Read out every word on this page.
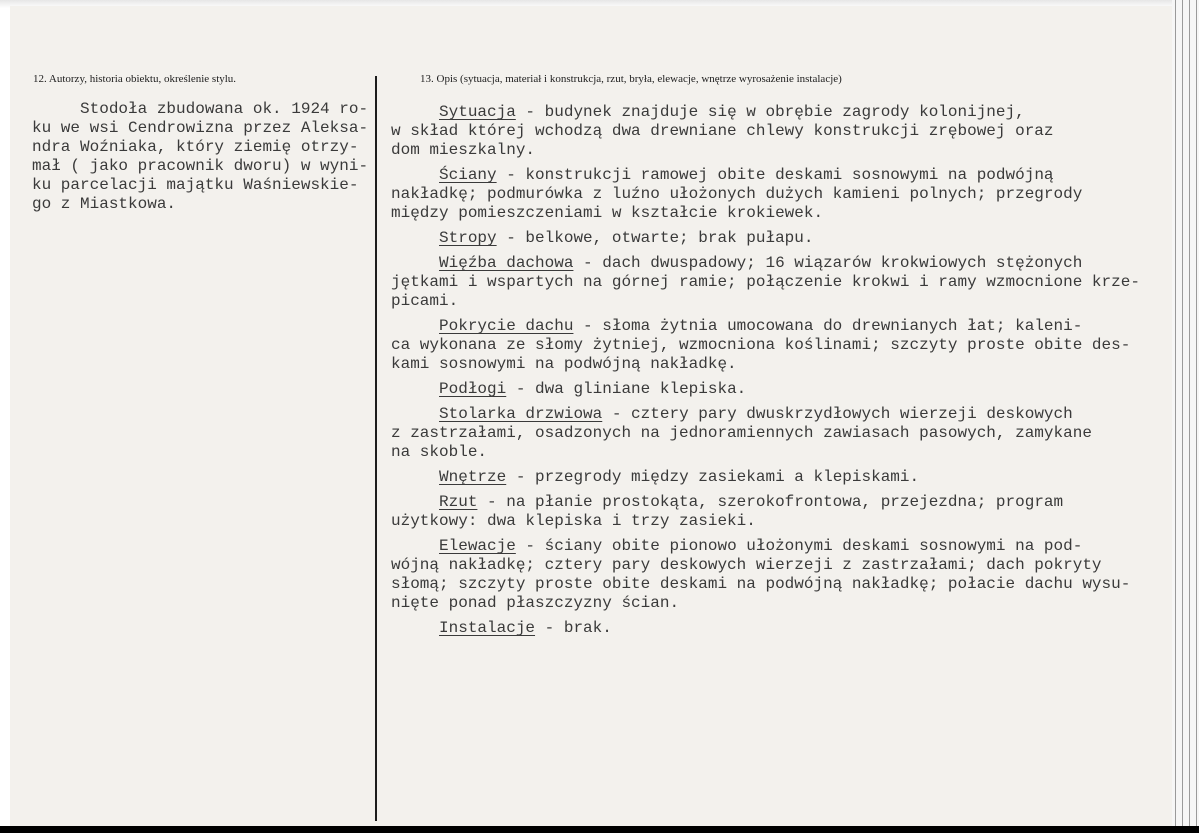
12. Autorzy, historia obiektu, określenie stylu.	13. Opis (sytuacja, materiał i konstrukcja, rzut, bryła, elewacje, wnętrze wyrosażenie instalacje)
Stodoła zbudowana ok. 1924 ro-
ku we wsi Cendrowizna przez Aleksa-
ndra Woźniaka, który ziemię otrzy-
mał ( jako pracownik dworu) w wyni-
ku parcelacji majątku Waśniewskie-
go z Miastkowa.
Sytuacja - budynek znajduje się w obrębie zagrody kolonijnej,
w skład której wchodzą dwa drewniane chlewy konstrukcji zrębowej oraz
dom mieszkalny.
Ściany - konstrukcji ramowej obite deskami sosnowymi na podwójną
nakładkę; podmurówka z luźno ułożonych dużych kamieni polnych; przegrody
między pomieszczeniami w kształcie krokiewek.
Stropy - belkowe, otwarte; brak pułapu.
Więźba dachowa - dach dwuspadowy; 16 wiązarów krokwiowych stężonych
jętkami i wspartych na górnej ramie; połączenie krokwi i ramy wzmocnione krze-
picami.
Pokrycie dachu - słoma żytnia umocowana do drewnianych łat; kaleni-
ca wykonana ze słomy żytniej, wzmocniona koślinami; szczyty proste obite des-
kami sosnowymi na podwójną nakładkę.
Podłogi - dwa gliniane klepiska.
Stolarka drzwiowa - cztery pary dwuskrzydłowych wierzeji deskowych
z zastrzałami, osadzonych na jednoramiennych zawiasach pasowych, zamykane
na skoble.
Wnętrze - przegrody między zasiekami a klepiskami.
Rzut - na płanie prostokąta, szerokofrontowa, przejezdna; program
użytkowy: dwa klepiska i trzy zasieki.
Elewacje - ściany obite pionowo ułożonymi deskami sosnowymi na pod-
wójną nakładkę; cztery pary deskowych wierzeji z zastrzałami; dach pokryty
słomą; szczyty proste obite deskami na podwójną nakładkę; połacie dachu wysu-
nięte ponad płaszczyzny ścian.
Instalacje - brak.
